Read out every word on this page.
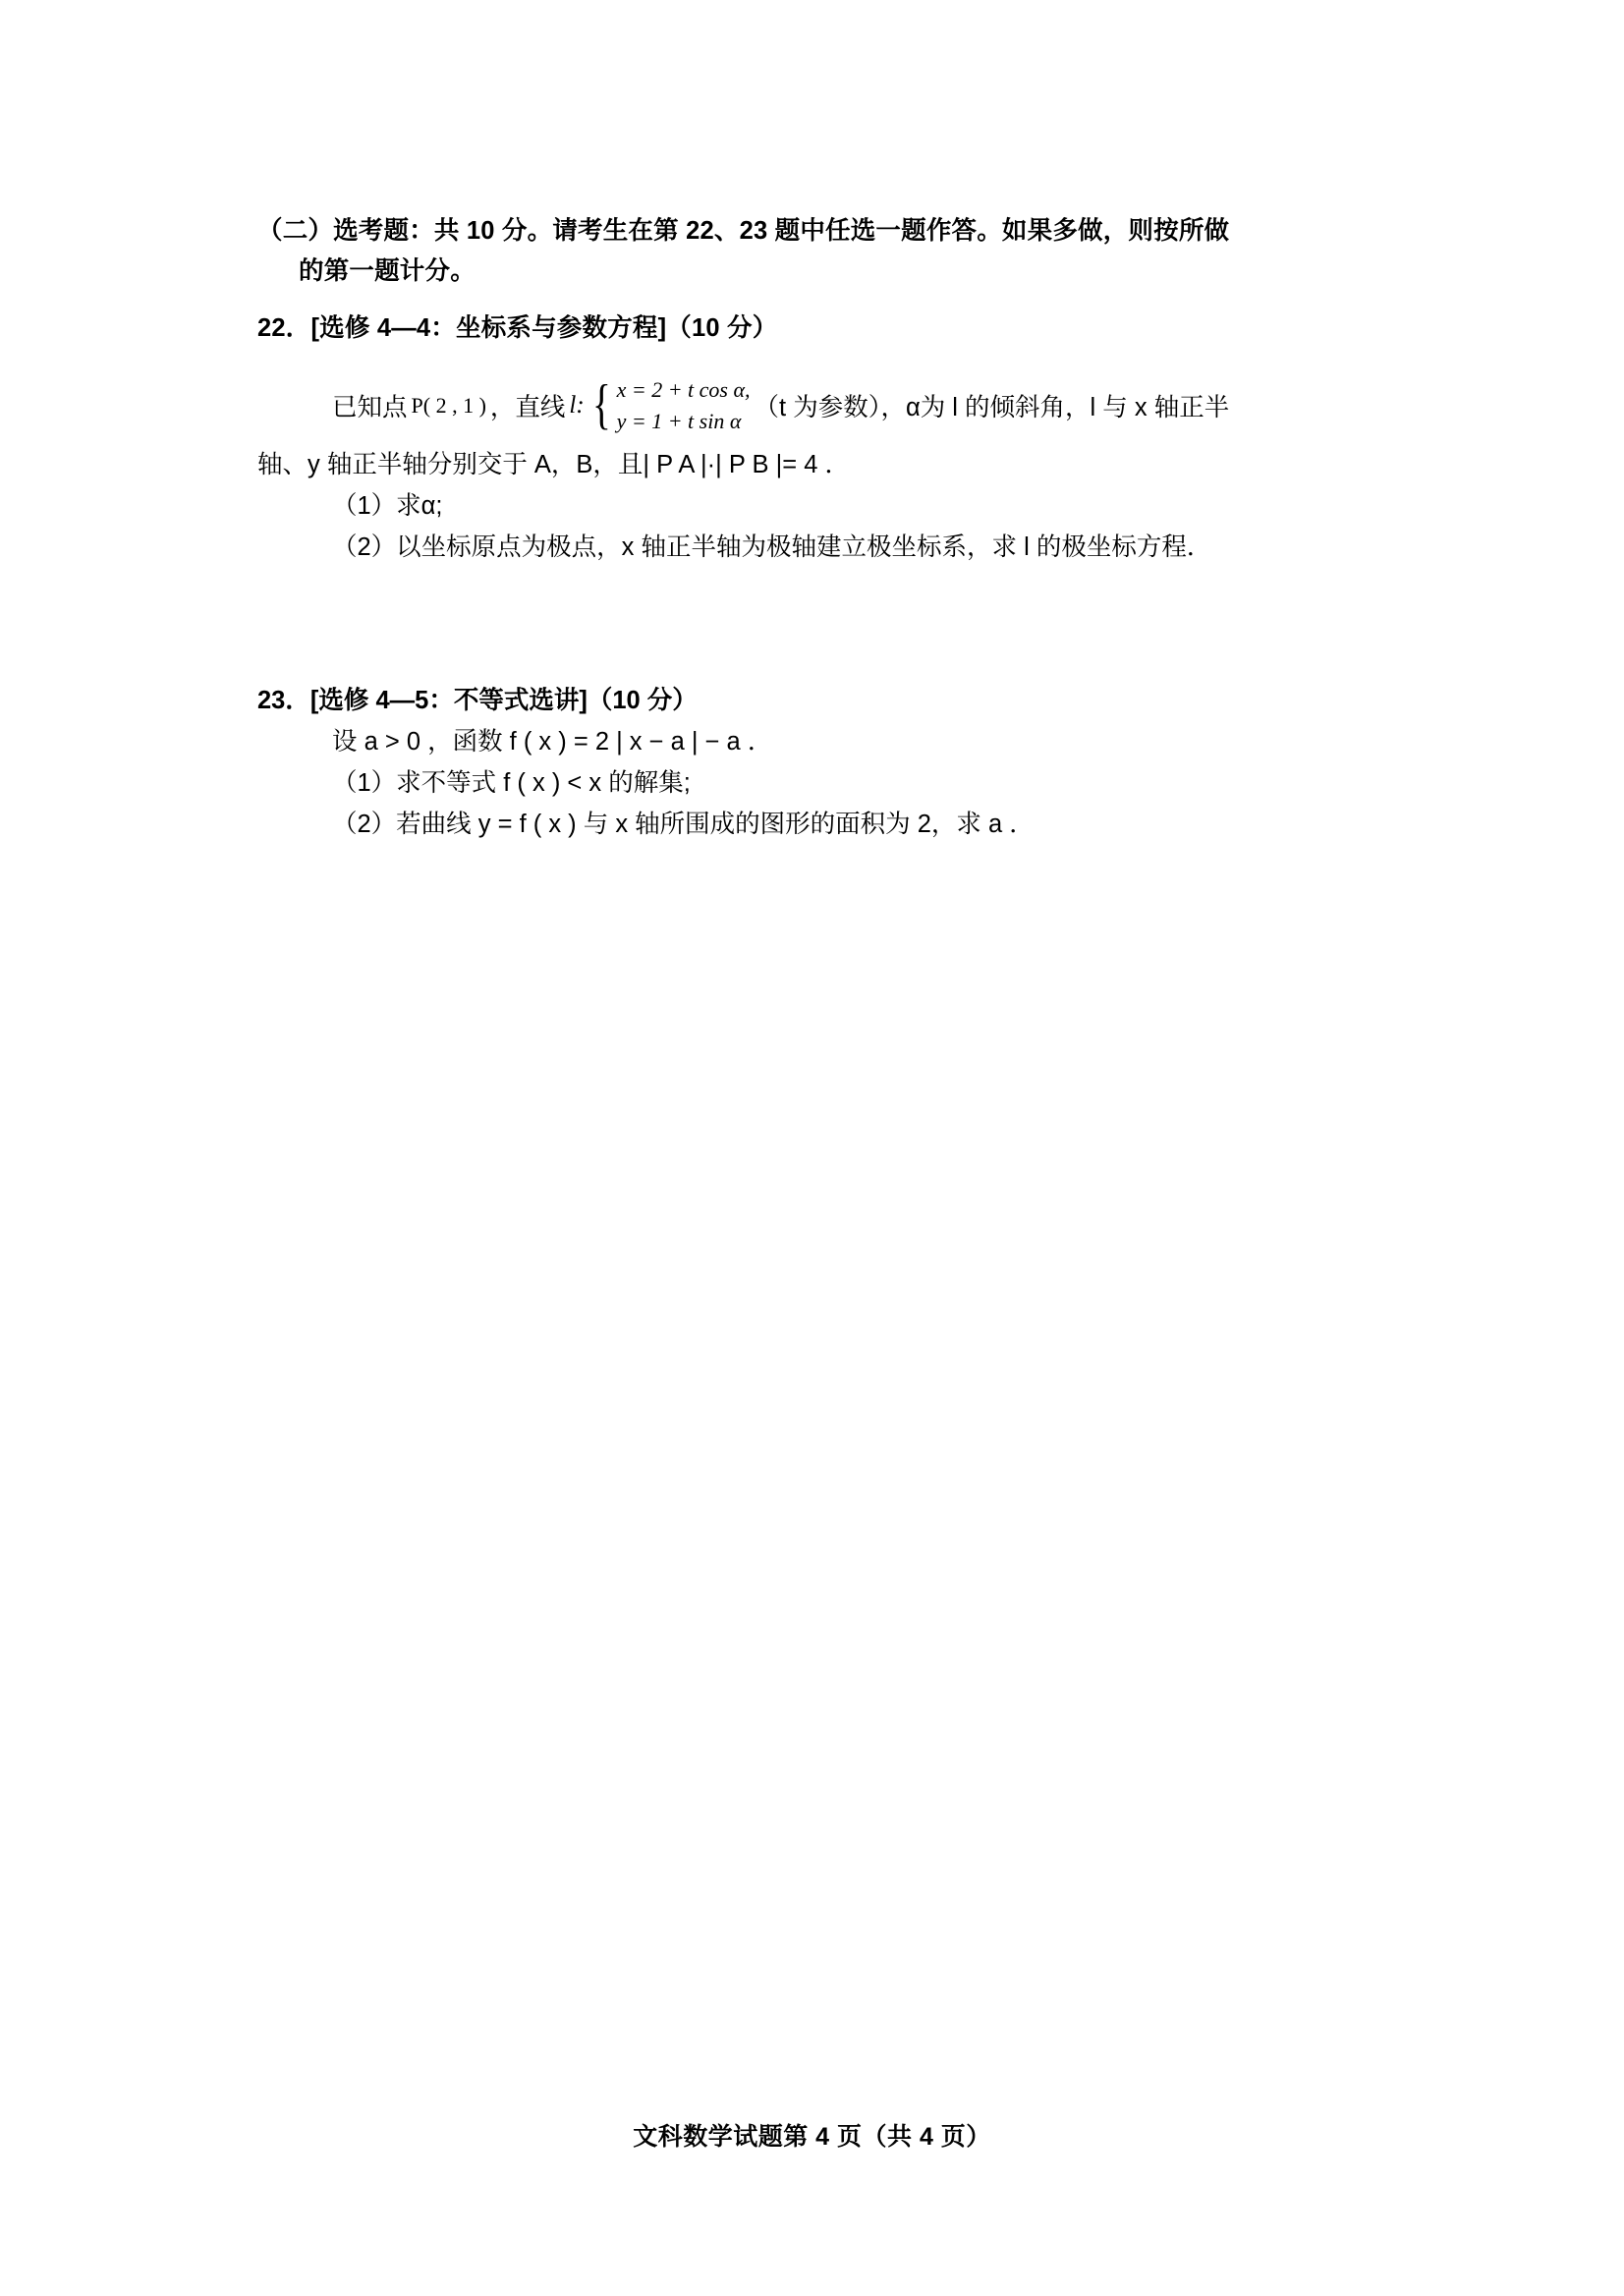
（二）选考题：共 10 分。请考生在第 22、23 题中任选一题作答。如果多做，则按所做
的第一题计分。
22．[选修 4—4：坐标系与参数方程]（10 分）
已知点 P( 2 , 1 ) ，直线 l: { x = 2 + t cos α,
y = 1 + t sin α （t 为参数），α为 l 的倾斜角，l 与 x 轴正半
轴、y 轴正半轴分别交于 A，B，且| P A |·| P B |= 4 ．
（1）求α;
（2）以坐标原点为极点，x 轴正半轴为极轴建立极坐标系，求 l 的极坐标方程．
23．[选修 4—5：不等式选讲]（10 分）
设 a > 0 ，函数 f ( x ) = 2 | x − a | − a ．
（1）求不等式 f ( x ) < x 的解集;
（2）若曲线 y = f ( x ) 与 x 轴所围成的图形的面积为 2，求 a ．
文科数学试题第 4 页（共 4 页）
